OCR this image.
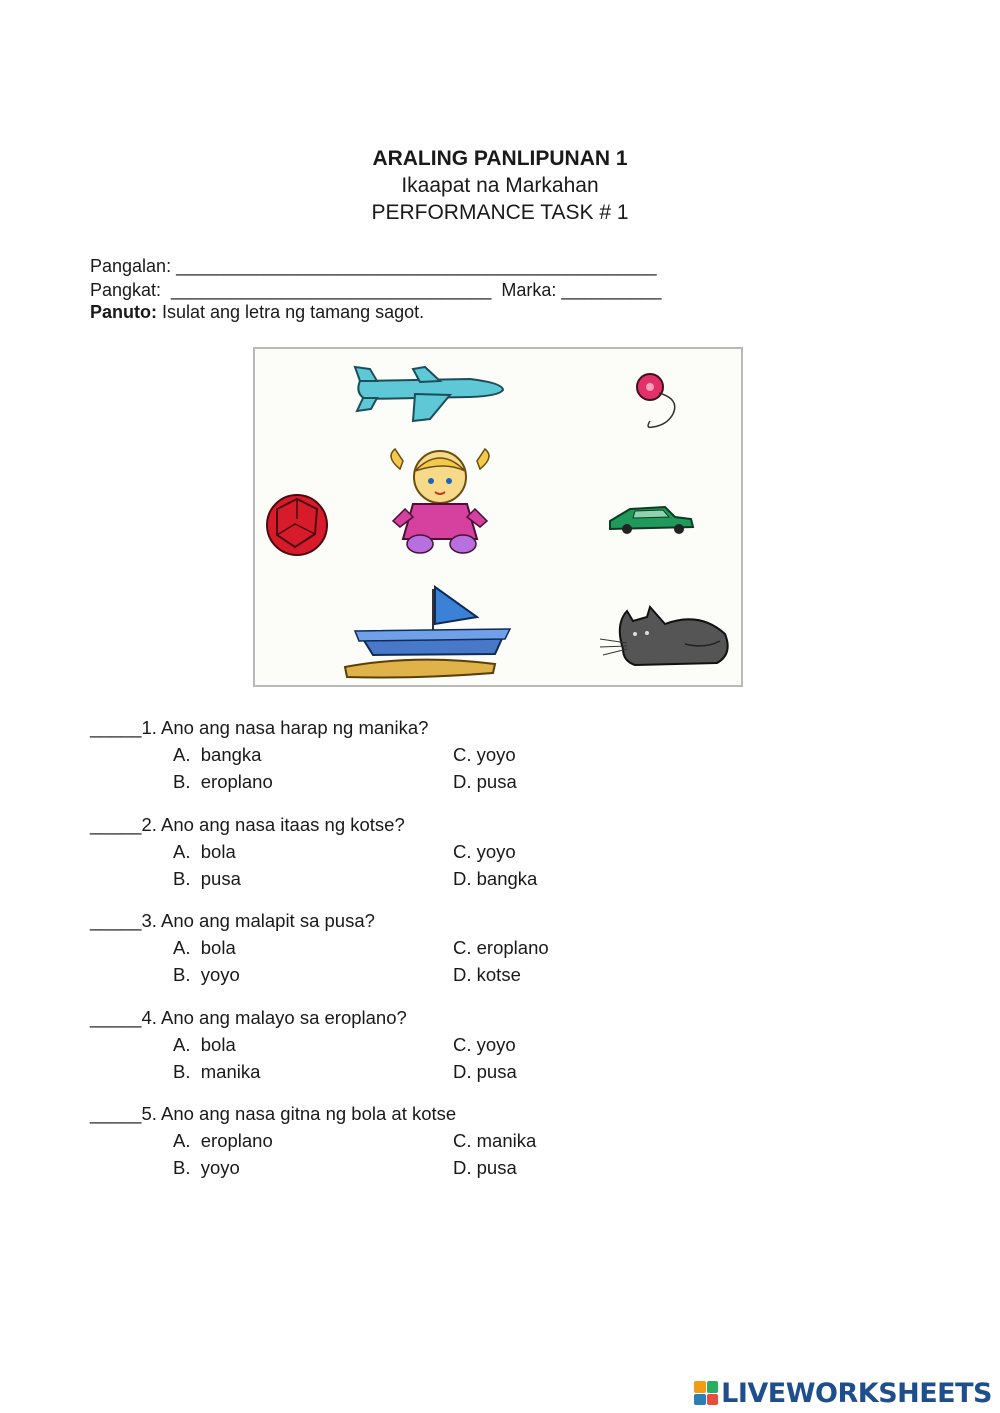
ARALING PANLIPUNAN 1
Ikaapat na Markahan
PERFORMANCE TASK # 1
Pangalan: ________________________________________________
Pangkat:  ________________________________  Marka: __________
Panuto: Isulat ang letra ng tamang sagot.
_____1. Ano ang nasa harap ng manika?
A.  bangka	C. yoyo
B.  eroplano	D. pusa
_____2. Ano ang nasa itaas ng kotse?
A.  bola	C. yoyo
B.  pusa	D. bangka
_____3. Ano ang malapit sa pusa?
A.  bola	C. eroplano
B.  yoyo	D. kotse
_____4. Ano ang malayo sa eroplano?
A.  bola	C. yoyo
B.  manika	D. pusa
_____5. Ano ang nasa gitna ng bola at kotse
A.  eroplano	C. manika
B.  yoyo	D. pusa
LIVEWORKSHEETS
